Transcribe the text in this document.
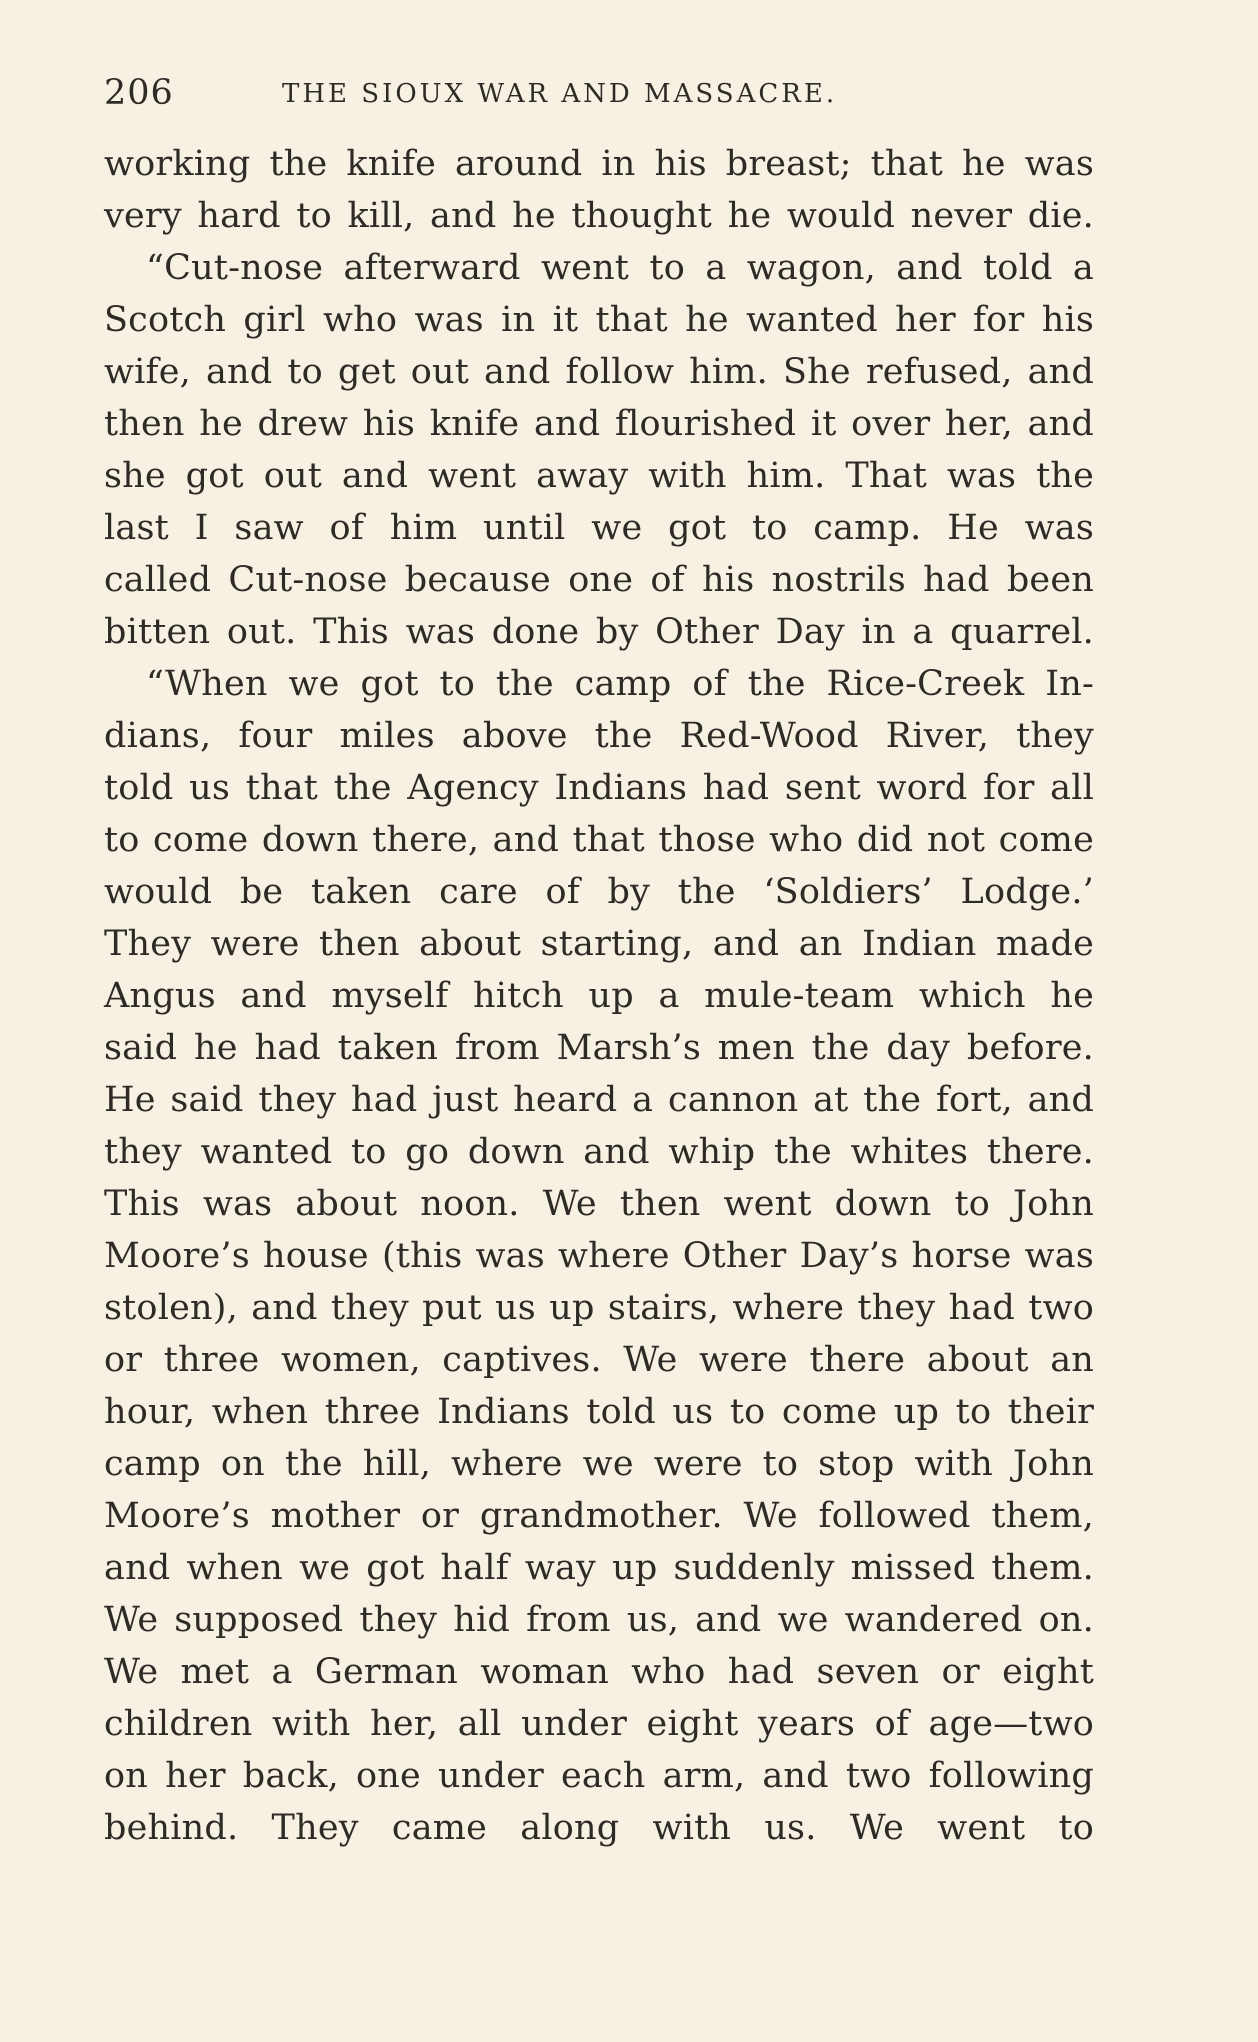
206	THE SIOUX WAR AND MASSACRE.
working the knife around in his breast; that he was
very hard to kill, and he thought he would never die.
“Cut-nose afterward went to a wagon, and told a
Scotch girl who was in it that he wanted her for his
wife, and to get out and follow him. She refused, and
then he drew his knife and flourished it over her, and
she got out and went away with him. That was the
last I saw of him until we got to camp. He was
called Cut-nose because one of his nostrils had been
bitten out. This was done by Other Day in a quarrel.
“When we got to the camp of the Rice-Creek In-
dians, four miles above the Red-Wood River, they
told us that the Agency Indians had sent word for all
to come down there, and that those who did not come
would be taken care of by the ‘Soldiers’ Lodge.’
They were then about starting, and an Indian made
Angus and myself hitch up a mule-team which he
said he had taken from Marsh’s men the day before.
He said they had just heard a cannon at the fort, and
they wanted to go down and whip the whites there.
This was about noon. We then went down to John
Moore’s house (this was where Other Day’s horse was
stolen), and they put us up stairs, where they had two
or three women, captives. We were there about an
hour, when three Indians told us to come up to their
camp on the hill, where we were to stop with John
Moore’s mother or grandmother. We followed them,
and when we got half way up suddenly missed them.
We supposed they hid from us, and we wandered on.
We met a German woman who had seven or eight
children with her, all under eight years of age—two
on her back, one under each arm, and two following
behind. They came along with us. We went to
